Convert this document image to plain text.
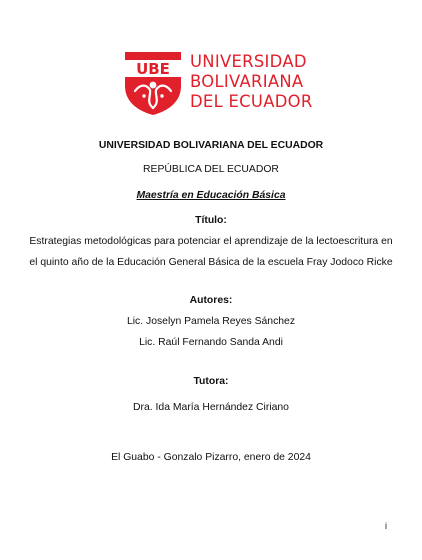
UBE UNIVERSIDAD
BOLIVARIANA
DEL ECUADOR
UNIVERSIDAD BOLIVARIANA DEL ECUADOR
REPÚBLICA DEL ECUADOR
Maestría en Educación Básica
Título:
Estrategias metodológicas para potenciar el aprendizaje de la lectoescritura en
el quinto año de la Educación General Básica de la escuela Fray Jodoco Ricke
Autores:
Lic. Joselyn Pamela Reyes Sánchez
Lic. Raúl Fernando Sanda Andi
Tutora:
Dra. Ida María Hernández Ciriano
El Guabo - Gonzalo Pizarro, enero de 2024
i
